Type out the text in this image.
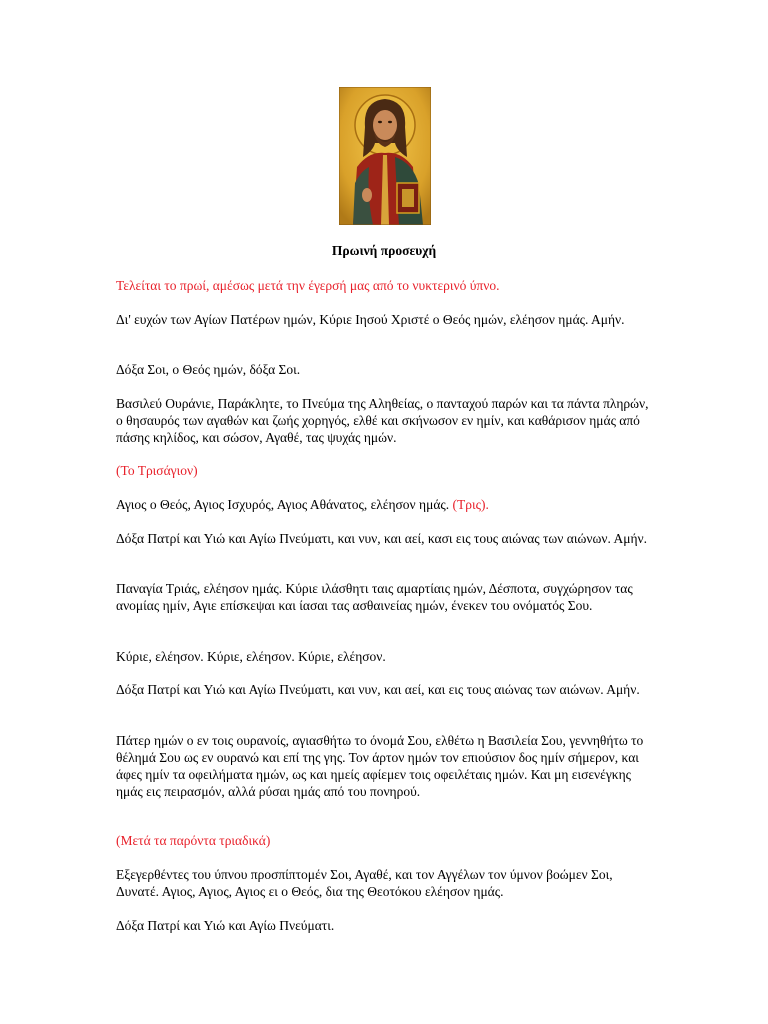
Πρωινή προσευχή

Τελείται το πρωί, αμέσως μετά την έγερσή μας από το νυκτερινό ύπνο.

Δι' ευχών των Αγίων Πατέρων ημών, Κύριε Ιησού Χριστέ ο Θεός ημών, ελέησον ημάς. Αμήν.

Δόξα Σοι, ο Θεός ημών, δόξα Σοι.

Βασιλεύ Ουράνιε, Παράκλητε, το Πνεύμα της Αληθείας, ο πανταχού παρών και τα πάντα πληρών, ο θησαυρός των αγαθών και ζωής χορηγός, ελθέ και σκήνωσον εν ημίν, και καθάρισον ημάς από πάσης κηλίδος, και σώσον, Αγαθέ, τας ψυχάς ημών.

(Το Τρισάγιον)

Αγιος ο Θεός, Αγιος Ισχυρός, Αγιος Αθάνατος, ελέησον ημάς. (Τρις).

Δόξα Πατρί και Υιώ και Αγίω Πνεύματι, και νυν, και αεί, κασι εις τους αιώνας των αιώνων. Αμήν.

Παναγία Τριάς, ελέησον ημάς. Κύριε ιλάσθητι ταις αμαρτίαις ημών, Δέσποτα, συγχώρησον τας ανομίας ημίν, Αγιε επίσκεψαι και ίασαι τας ασθαινείας ημών, ένεκεν του ονόματός Σου.

Κύριε, ελέησον. Κύριε, ελέησον. Κύριε, ελέησον.

Δόξα Πατρί και Υιώ και Αγίω Πνεύματι, και νυν, και αεί, και εις τους αιώνας των αιώνων. Αμήν.

Πάτερ ημών ο εν τοις ουρανοίς, αγιασθήτω το όνομά Σου, ελθέτω η Βασιλεία Σου, γεννηθήτω το θέλημά Σου ως εν ουρανώ και επί της γης. Τον άρτον ημών τον επιούσιον δος ημίν σήμερον, και άφες ημίν τα οφειλήματα ημών, ως και ημείς αφίεμεν τοις οφειλέταις ημών. Και μη εισενέγκης ημάς εις πειρασμόν, αλλά ρύσαι ημάς από του πονηρού.

(Μετά τα παρόντα τριαδικά)

Εξεγερθέντες του ύπνου προσπίπτομέν Σοι, Αγαθέ, και τον Αγγέλων τον ύμνον βοώμεν Σοι, Δυνατέ. Αγιος, Αγιος, Αγιος ει ο Θεός, δια της Θεοτόκου ελέησον ημάς.

Δόξα Πατρί και Υιώ και Αγίω Πνεύματι.
